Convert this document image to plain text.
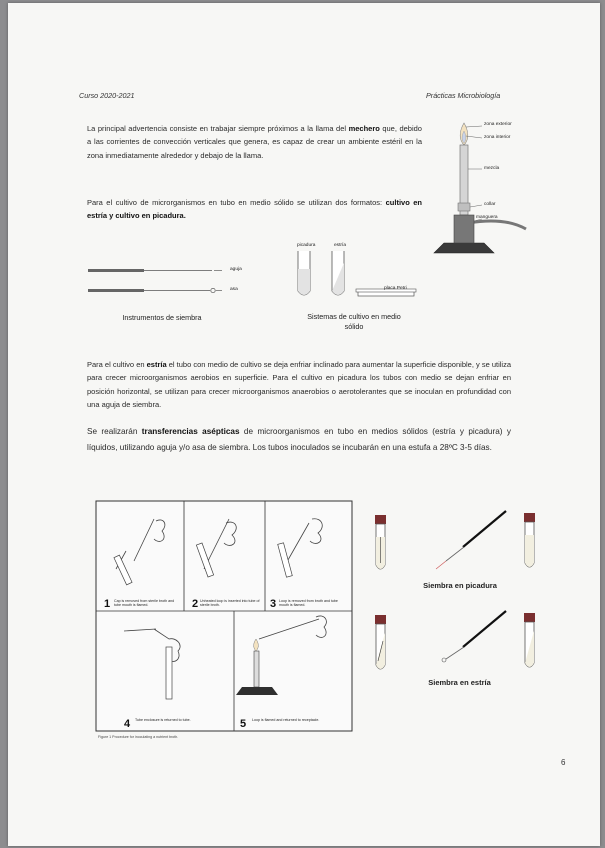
Curso 2020-2021	Prácticas Microbiología
La principal advertencia consiste en trabajar siempre próximos a la llama del mechero que, debido a las corrientes de convección verticales que genera, es capaz de crear un ambiente estéril en la zona inmediatamente alrededor y debajo de la llama.
Para el cultivo de microrganismos en tubo en medio sólido se utilizan dos formatos: cultivo en estría y cultivo en picadura.
zona exterior
zona interior
mezcla
collar
manguera
aguja
asa
Instrumentos de siembra
picadura	estría
placa Petri
Sistemas de cultivo en medio sólido
Para el cultivo en estría el tubo con medio de cultivo se deja enfriar inclinado para aumentar la superficie disponible, y se utiliza para crecer microorganismos aerobios en superficie. Para el cultivo en picadura los tubos con medio se dejan enfriar en posición horizontal, se utilizan para crecer microorganismos anaerobios o aerotolerantes que se inoculan en profundidad con una aguja de siembra.
Se realizarán transferencias asépticas de microorganismos en tubo en medios sólidos (estría y picadura) y líquidos, utilizando aguja y/o asa de siembra. Los tubos inoculados se incubarán en una estufa a 28ºC 3-5 días.
1	2	3
4	5
Cap is removed from sterile broth and tube mouth is flamed.
Unheated loop is inserted into tube of sterile broth.
Loop is removed from broth and tube mouth is flamed.
Tube enclosure is returned to tube.	Loop is flamed and returned to receptacle.
Figure 1 Procedure for inoculating a nutrient broth.
Siembra en picadura
Siembra en estría
6
